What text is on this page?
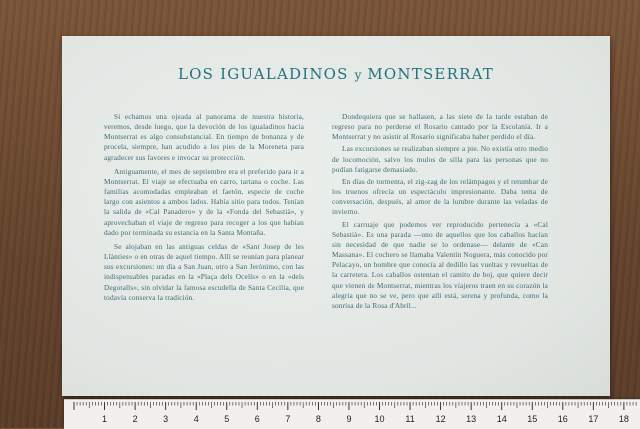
LOS IGUALADINOS y MONTSERRAT

Si echamos una ojeada al panorama de nuestra historia, veremos, desde luego, que la devoción de los igualadinos hacia Montserrat es algo consubstancial. En tiempo de bonanza y de procela, siempre, han acudido a los pies de la Moreneta para agradecer sus favores e invocar su protección.

Antiguamente, el mes de septiembre era el preferido para ir a Montserrat. El viaje se efectuaba en carro, tartana o coche. Las familias acomodadas empleaban el faetón, especie de coche largo con asientos a ambos lados. Había sitio para todos. Tenían la salida de «Cal Panadero» y de la «Fonda del Sebastià», y aprovechaban el viaje de regreso para recoger a los que habían dado por terminada su estancia en la Santa Montaña.

Se alojaban en las antiguas celdas de «Sant Josep de les Llànties» o en otras de aquel tiempo. Allí se reunían para planear sus excursiones: un día a San Juan, otro a San Jerónimo, con las indispensables paradas en la «Plaça dels Ocells» o en la «dels Degotalls», sin olvidar la famosa escudella de Santa Cecilia, que todavía conserva la tradición.

Dondequiera que se hallasen, a las siete de la tarde estaban de regreso para no perderse el Rosario cantado por la Escolanía. Ir a Montserrat y no asistir al Rosario significaba haber perdido el día.

Las excursiones se realizaban siempre a pie. No existía otro medio de locomoción, salvo los mulos de silla para las personas que no podían fatigarse demasiado.

En días de tormenta, el zig-zag de los relámpagos y el retumbar de los truenos ofrecía un espectáculo impresionante. Daba tema de conversación, después, al amor de la lumbre durante las veladas de invierno.

El carruaje que podemos ver reproducido pertenecía a «Cal Sebastià». Es una parada —uno de aquellos que los caballos hacían sin necesidad de que nadie se lo ordenase— delante de «Can Massana». El cochero se llamaba Valentín Noguera, más conocido por Pelacayo, un hombre que conocía al dedillo las vueltas y revueltas de la carretera. Los caballos ostentan el ramito de boj, que quiere decir que vienen de Montserrat, mientras los viajeros traen en su corazón la alegría que no se ve, pero que allí está, serena y profunda, como la sonrisa de la Rosa d'Abril...

1	2	3	4	5	6	7	8	9	10 11 12 13 14 15 16 17 18
